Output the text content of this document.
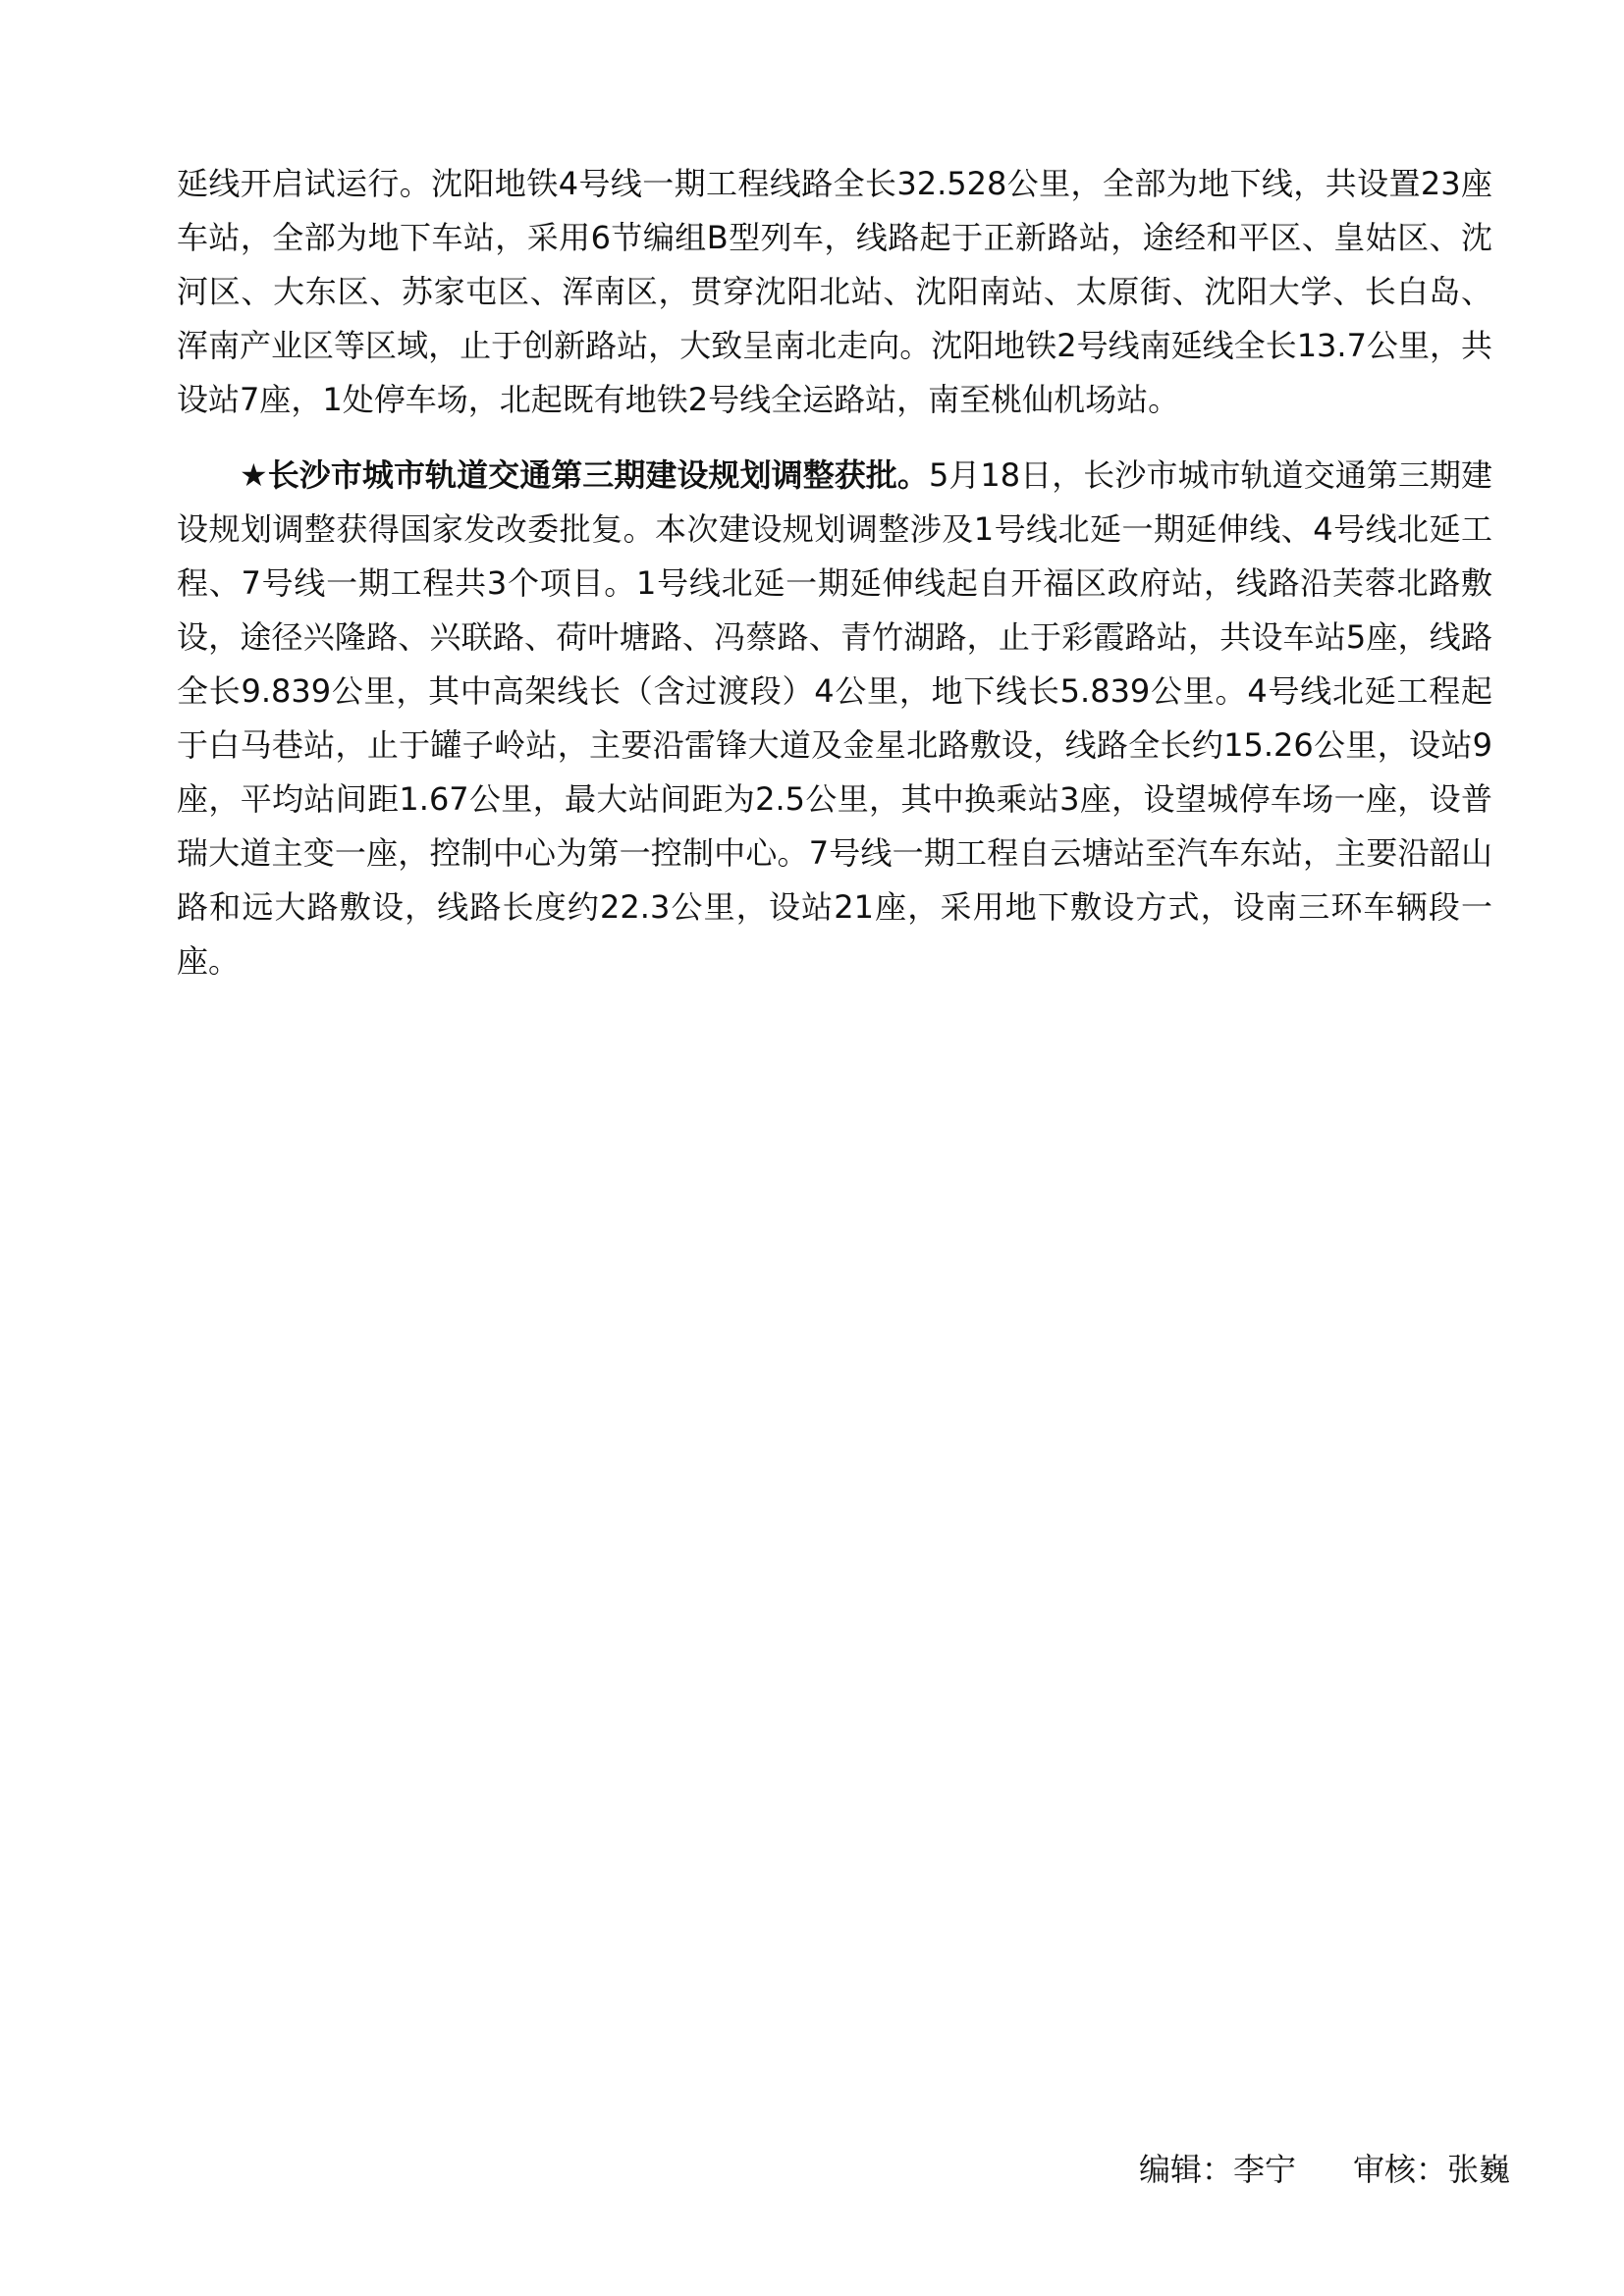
延线开启试运行。沈阳地铁4号线一期工程线路全长32.528公里，全部为地下线，共设置23座车站，全部为地下车站，采用6节编组B型列车，线路起于正新路站，途经和平区、皇姑区、沈河区、大东区、苏家屯区、浑南区，贯穿沈阳北站、沈阳南站、太原街、沈阳大学、长白岛、浑南产业区等区域，止于创新路站，大致呈南北走向。沈阳地铁2号线南延线全长13.7公里，共设站7座，1处停车场，北起既有地铁2号线全运路站，南至桃仙机场站。

★长沙市城市轨道交通第三期建设规划调整获批。5月18日，长沙市城市轨道交通第三期建设规划调整获得国家发改委批复。本次建设规划调整涉及1号线北延一期延伸线、4号线北延工程、7号线一期工程共3个项目。1号线北延一期延伸线起自开福区政府站，线路沿芙蓉北路敷设，途径兴隆路、兴联路、荷叶塘路、冯蔡路、青竹湖路，止于彩霞路站，共设车站5座，线路全长9.839公里，其中高架线长（含过渡段）4公里，地下线长5.839公里。4号线北延工程起于白马巷站，止于罐子岭站，主要沿雷锋大道及金星北路敷设，线路全长约15.26公里，设站9座，平均站间距1.67公里，最大站间距为2.5公里，其中换乘站3座，设望城停车场一座，设普瑞大道主变一座，控制中心为第一控制中心。7号线一期工程自云塘站至汽车东站，主要沿韶山路和远大路敷设，线路长度约22.3公里，设站21座，采用地下敷设方式，设南三环车辆段一座。

编辑：李宁 审核：张巍
